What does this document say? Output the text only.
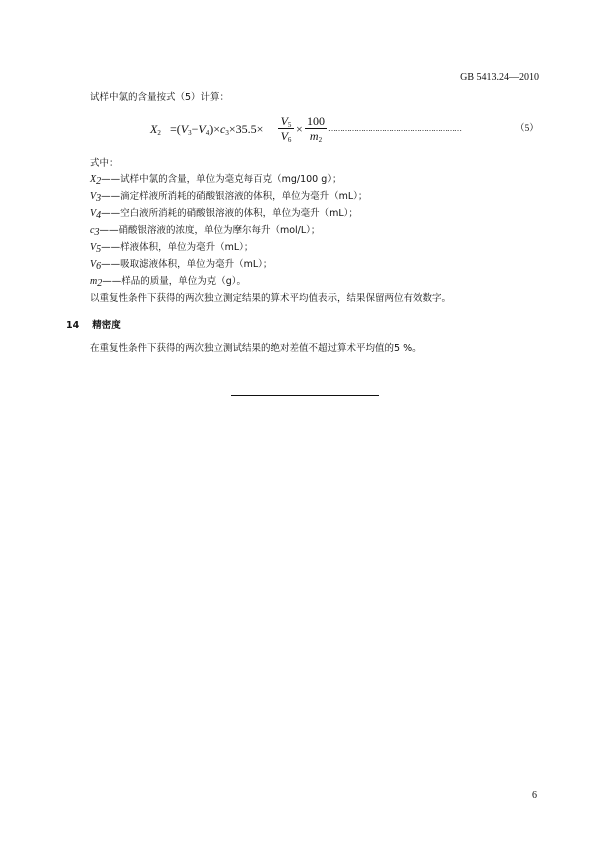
GB 5413.24—2010
试样中氯的含量按式（5）计算：
$X_2 =(V_3-V_4)\times c_3\times 35.5\times$
$V_5$
$V_6$
×
100
$m_2$
…………………………………………………	（5）
式中：
$X_2——$试样中氯的含量，单位为毫克每百克（mg/100 g）；
$V_3——$滴定样液所消耗的硝酸银溶液的体积，单位为毫升（mL）；
$V_4——$空白液所消耗的硝酸银溶液的体积，单位为毫升（mL）；
$c_3——$硝酸银溶液的浓度，单位为摩尔每升（mol/L）；
$V_5——$样液体积，单位为毫升（mL）；
$V_6——$吸取滤液体积，单位为毫升（mL）；
$m_2——$样品的质量，单位为克（g）。
以重复性条件下获得的两次独立测定结果的算术平均值表示，结果保留两位有效数字。
14 精密度
在重复性条件下获得的两次独立测试结果的绝对差值不超过算术平均值的5 %。
6
